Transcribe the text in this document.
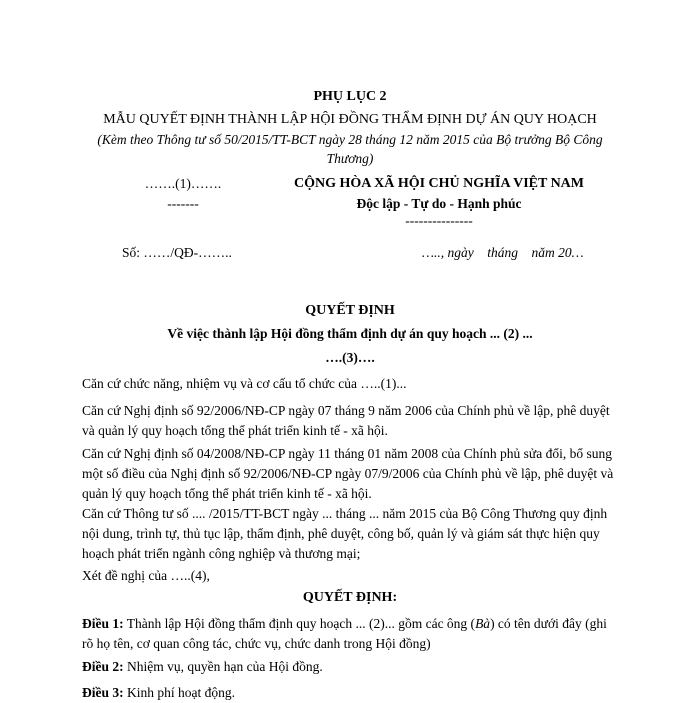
PHỤ LỤC 2
MẪU QUYẾT ĐỊNH THÀNH LẬP HỘI ĐỒNG THẨM ĐỊNH DỰ ÁN QUY HOẠCH
(Kèm theo Thông tư số 50/2015/TT-BCT ngày 28 tháng 12 năm 2015 của Bộ trưởng Bộ Công
Thương)
…….(1)…….
-------
CỘNG HÒA XÃ HỘI CHỦ NGHĨA VIỆT NAM
Độc lập - Tự do - Hạnh phúc
---------------
Số: ……/QĐ-……..	….., ngày    tháng    năm 20…
QUYẾT ĐỊNH
Về việc thành lập Hội đồng thẩm định dự án quy hoạch ... (2) ...
….(3)….
Căn cứ chức năng, nhiệm vụ và cơ cấu tổ chức của …..(1)...
Căn cứ Nghị định số 92/2006/NĐ-CP ngày 07 tháng 9 năm 2006 của Chính phủ về lập, phê duyệt và quản lý quy hoạch tổng thể phát triển kinh tế - xã hội.
Căn cứ Nghị định số 04/2008/NĐ-CP ngày 11 tháng 01 năm 2008 của Chính phủ sửa đổi, bổ sung một số điều của Nghị định số 92/2006/NĐ-CP ngày 07/9/2006 của Chính phủ về lập, phê duyệt và quản lý quy hoạch tổng thể phát triển kinh tế - xã hội.
Căn cứ Thông tư số .... /2015/TT-BCT ngày ... tháng ... năm 2015 của Bộ Công Thương quy định nội dung, trình tự, thủ tục lập, thẩm định, phê duyệt, công bố, quản lý và giám sát thực hiện quy hoạch phát triển ngành công nghiệp và thương mại;
Xét đề nghị của …..(4),
QUYẾT ĐỊNH:
Điều 1: Thành lập Hội đồng thẩm định quy hoạch ... (2)... gồm các ông (Bà) có tên dưới đây (ghi rõ họ tên, cơ quan công tác, chức vụ, chức danh trong Hội đồng)
Điều 2: Nhiệm vụ, quyền hạn của Hội đồng.
Điều 3: Kinh phí hoạt động.
